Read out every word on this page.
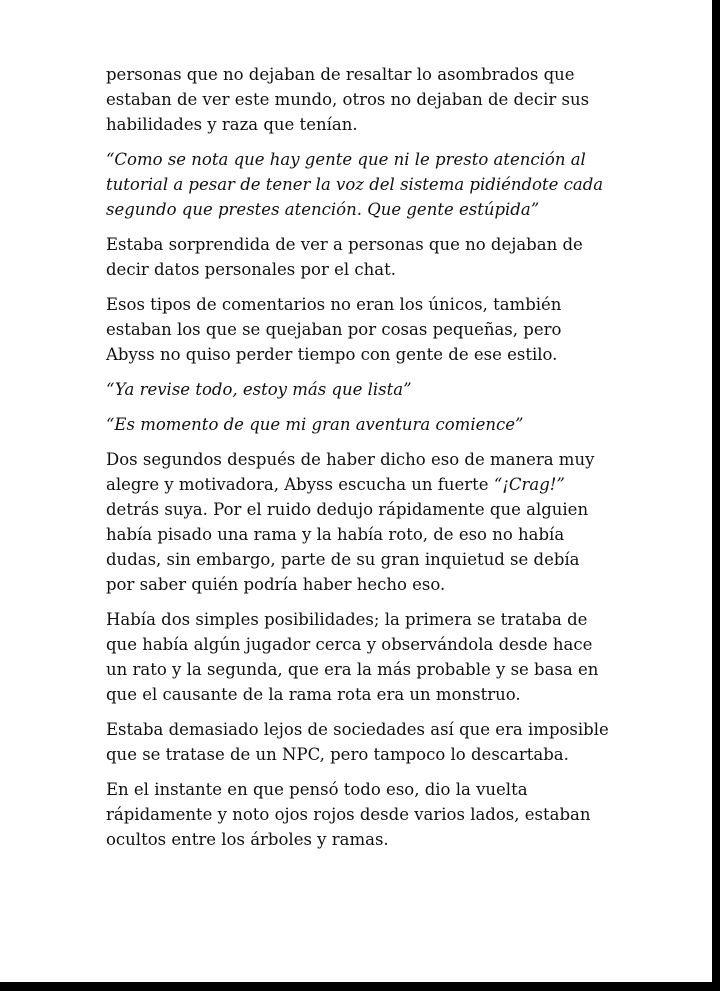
personas que no dejaban de resaltar lo asombrados que estaban de ver este mundo, otros no dejaban de decir sus habilidades y raza que tenían.

“Como se nota que hay gente que ni le presto atención al tutorial a pesar de tener la voz del sistema pidiéndote cada segundo que prestes atención. Que gente estúpida”

Estaba sorprendida de ver a personas que no dejaban de decir datos personales por el chat.

Esos tipos de comentarios no eran los únicos, también estaban los que se quejaban por cosas pequeñas, pero Abyss no quiso perder tiempo con gente de ese estilo.

“Ya revise todo, estoy más que lista”

“Es momento de que mi gran aventura comience”

Dos segundos después de haber dicho eso de manera muy alegre y motivadora, Abyss escucha un fuerte “¡Crag!” detrás suya. Por el ruido dedujo rápidamente que alguien había pisado una rama y la había roto, de eso no había dudas, sin embargo, parte de su gran inquietud se debía por saber quién podría haber hecho eso.

Había dos simples posibilidades; la primera se trataba de que había algún jugador cerca y observándola desde hace un rato y la segunda, que era la más probable y se basa en que el causante de la rama rota era un monstruo.

Estaba demasiado lejos de sociedades así que era imposible que se tratase de un NPC, pero tampoco lo descartaba.

En el instante en que pensó todo eso, dio la vuelta rápidamente y noto ojos rojos desde varios lados, estaban ocultos entre los árboles y ramas.
